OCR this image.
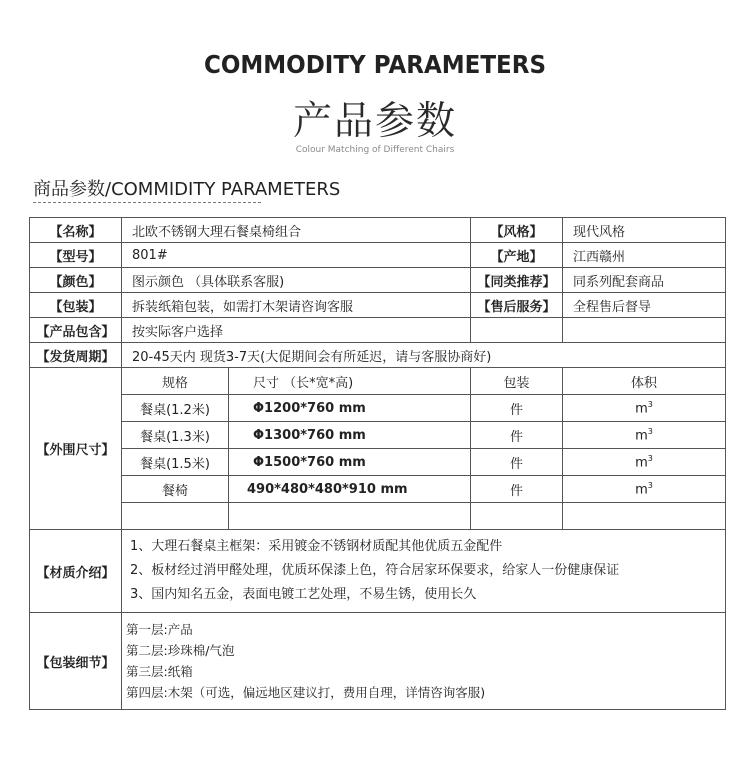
COMMODITY PARAMETERS
产品参数
Colour Matching of Different Chairs
商品参数/COMMIDITY PARAMETERS
【名称】	北欧不锈钢大理石餐桌椅组合		【风格】	现代风格
【型号】	801#		【产地】	江西赣州
【颜色】	图示颜色 （具体联系客服)		【同类推荐】	同系列配套商品
【包装】	拆装纸箱包装，如需打木架请咨询客服		【售后服务】	全程售后督导
【产品包含】	按实际客户选择			
【发货周期】	20-45天内 现货3-7天(大促期间会有所延迟，请与客服协商好)			
【外围尺寸】	规格	尺寸 （长*宽*高)	包装	体积
	餐桌(1.2米)	Φ1200*760 mm	件	$m^3$
	餐桌(1.3米)	Φ1300*760 mm	件	$m^3$
	餐桌(1.5米)	Φ1500*760 mm	件	$m^3$
	餐椅	490*480*480*910 mm	件	$m^3$

【材质介绍】	1、大理石餐桌主框架：采用镀金不锈钢材质配其他优质五金配件
2、板材经过消甲醛处理，优质环保漆上色，符合居家环保要求，给家人一份健康保证
3、国内知名五金，表面电镀工艺处理，不易生锈，使用长久			

【包装细节】	第一层:产品
第二层:珍珠棉/气泡
第三层:纸箱
第四层:木架（可选，偏远地区建议打，费用自理，详情咨询客服)			
